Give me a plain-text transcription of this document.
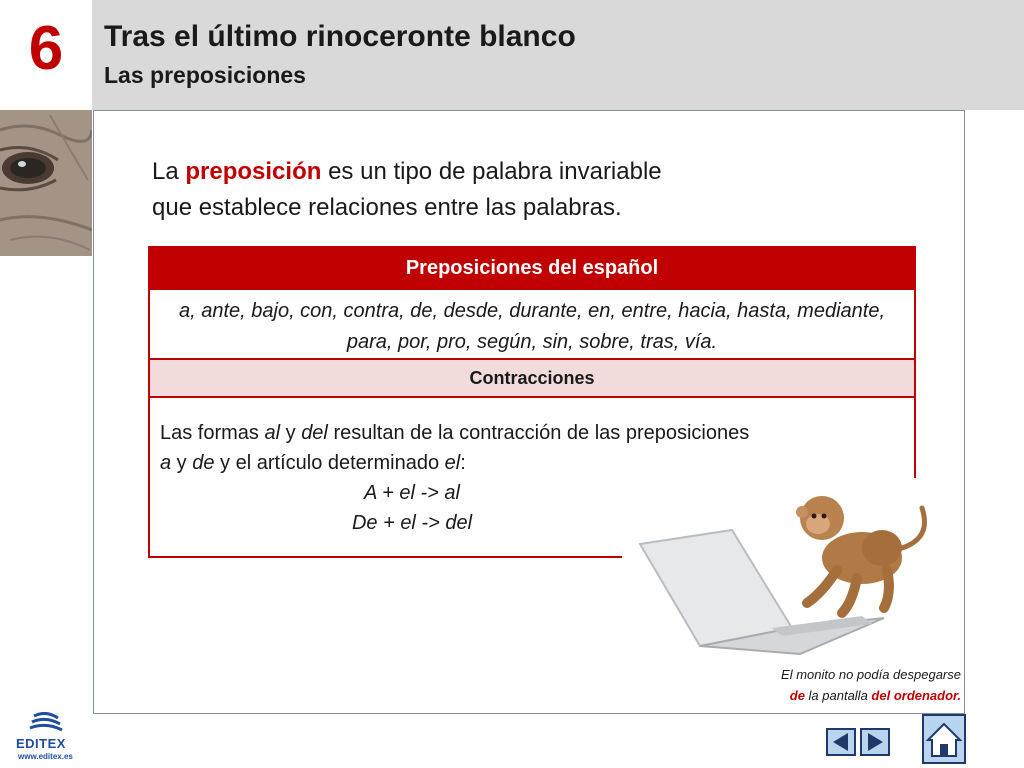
6	Tras el último rinoceronte blanco
Las preposiciones
La preposición es un tipo de palabra invariable
que establece relaciones entre las palabras.
Preposiciones del español
a, ante, bajo, con, contra, de, desde, durante, en, entre, hacia, hasta, mediante, para, por, pro, según, sin, sobre, tras, vía.
Contracciones
Las formas al y del resultan de la contracción de las preposiciones
a y de y el artículo determinado el:
A + el -> al
De + el -> del
El monito no podía despegarse
de la pantalla del ordenador.
EDITEX
www.editex.es
